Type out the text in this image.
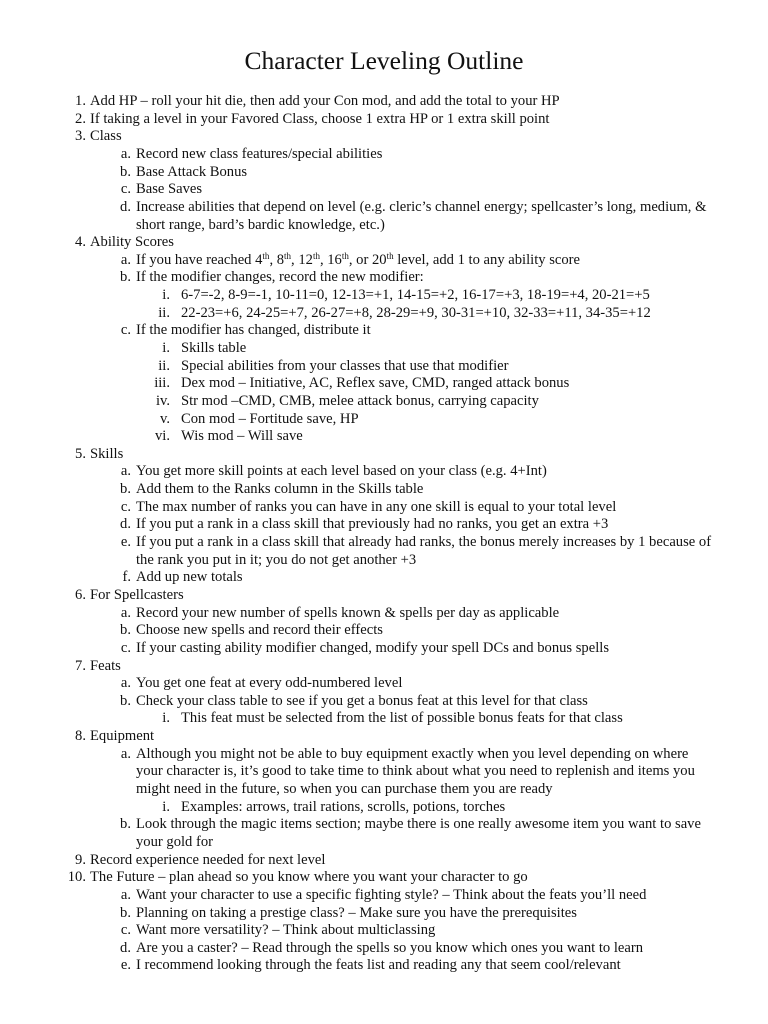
Character Leveling Outline
1. Add HP – roll your hit die, then add your Con mod, and add the total to your HP
2. If taking a level in your Favored Class, choose 1 extra HP or 1 extra skill point
3. Class
a. Record new class features/special abilities
b. Base Attack Bonus
c. Base Saves
d. Increase abilities that depend on level (e.g. cleric’s channel energy; spellcaster’s long, medium, & short range, bard’s bardic knowledge, etc.)
4. Ability Scores
a. If you have reached 4th, 8th, 12th, 16th, or 20th level, add 1 to any ability score
b. If the modifier changes, record the new modifier:
i. 6-7=-2, 8-9=-1, 10-11=0, 12-13=+1, 14-15=+2, 16-17=+3, 18-19=+4, 20-21=+5
ii. 22-23=+6, 24-25=+7, 26-27=+8, 28-29=+9, 30-31=+10, 32-33=+11, 34-35=+12
c. If the modifier has changed, distribute it
i. Skills table
ii. Special abilities from your classes that use that modifier
iii. Dex mod – Initiative, AC, Reflex save, CMD, ranged attack bonus
iv. Str mod –CMD, CMB, melee attack bonus, carrying capacity
v. Con mod – Fortitude save, HP
vi. Wis mod – Will save
5. Skills
a. You get more skill points at each level based on your class (e.g. 4+Int)
b. Add them to the Ranks column in the Skills table
c. The max number of ranks you can have in any one skill is equal to your total level
d. If you put a rank in a class skill that previously had no ranks, you get an extra +3
e. If you put a rank in a class skill that already had ranks, the bonus merely increases by 1 because of the rank you put in it; you do not get another +3
f. Add up new totals
6. For Spellcasters
a. Record your new number of spells known & spells per day as applicable
b. Choose new spells and record their effects
c. If your casting ability modifier changed, modify your spell DCs and bonus spells
7. Feats
a. You get one feat at every odd-numbered level
b. Check your class table to see if you get a bonus feat at this level for that class
i. This feat must be selected from the list of possible bonus feats for that class
8. Equipment
a. Although you might not be able to buy equipment exactly when you level depending on where your character is, it’s good to take time to think about what you need to replenish and items you might need in the future, so when you can purchase them you are ready
i. Examples: arrows, trail rations, scrolls, potions, torches
b. Look through the magic items section; maybe there is one really awesome item you want to save your gold for
9. Record experience needed for next level
10. The Future – plan ahead so you know where you want your character to go
a. Want your character to use a specific fighting style? – Think about the feats you’ll need
b. Planning on taking a prestige class? – Make sure you have the prerequisites
c. Want more versatility? – Think about multiclassing
d. Are you a caster? – Read through the spells so you know which ones you want to learn
e. I recommend looking through the feats list and reading any that seem cool/relevant
